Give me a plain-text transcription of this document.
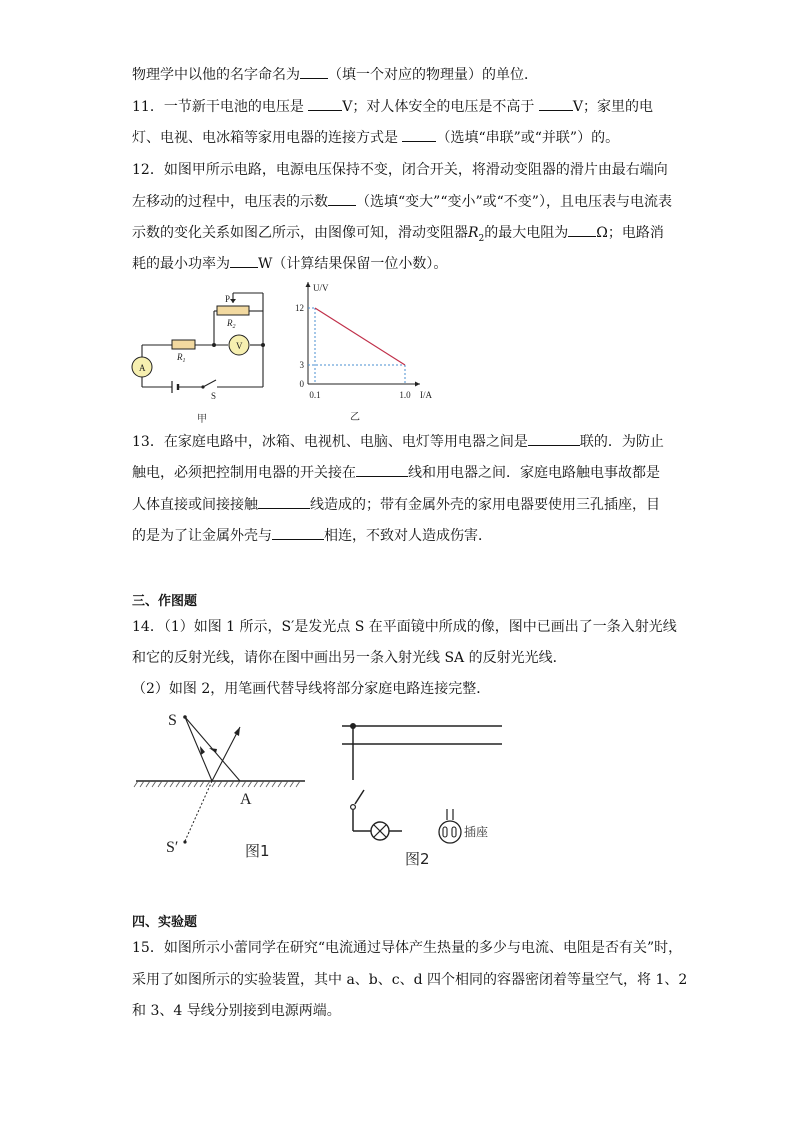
物理学中以他的名字命名为 （填一个对应的物理量）的单位．
11．一节新干电池的电压是 V；对人体安全的电压是不高于 V；家里的电
灯、电视、电冰箱等家用电器的连接方式是 （选填“串联”或“并联”）的。
12．如图甲所示电路，电源电压保持不变，闭合开关，将滑动变阻器的滑片由最右端向
左移动的过程中，电压表的示数 （选填“变大”“变小”或“不变”），且电压表与电流表
示数的变化关系如图乙所示，由图像可知，滑动变阻器$R_2$的最大电阻为 Ω；电路消
耗的最小功率为 W（计算结果保留一位小数）。
P
$R_2$
$R_1$
A
V
S
甲
0
3
12
0.1	1.0
U/V
I/A
乙
13．在家庭电路中，冰箱、电视机、电脑、电灯等用电器之间是	联的．为防止
触电，必须把控制用电器的开关接在	线和用电器之间．家庭电路触电事故都是
人体直接或间接接触	线造成的；带有金属外壳的家用电器要使用三孔插座，目
的是为了让金属外壳与	相连，不致对人造成伤害．
三、作图题
14．（1）如图 1 所示，S′是发光点 S 在平面镜中所成的像，图中已画出了一条入射光线
和它的反射光线，请你在图中画出另一条入射光线 SA 的反射光光线．
（2）如图 2，用笔画代替导线将部分家庭电路连接完整．
S
A
S′	图1
插座
图2
四、实验题
15．如图所示小蕾同学在研究“电流通过导体产生热量的多少与电流、电阻是否有关”时，
采用了如图所示的实验装置，其中 a、b、c、d 四个相同的容器密闭着等量空气，将 1、2
和 3、4 导线分别接到电源两端。
